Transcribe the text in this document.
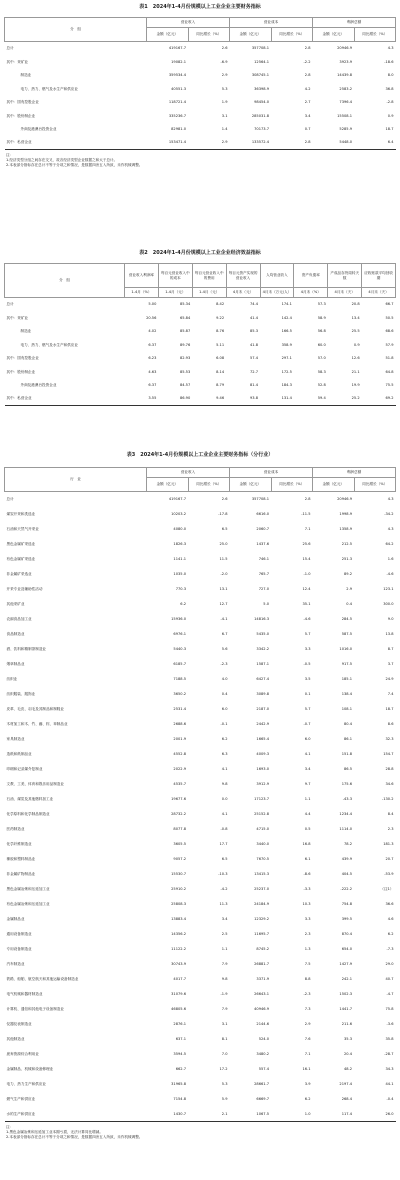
表1　2024年1-4月份规模以上工业企业主要财务指标
分　组	营业收入		营业成本		利润总额	
	金额（亿元）	同比增长（%）	金额（亿元）	同比增长（%）	金额（亿元）	同比增长（%）
总计	419167.7	2.6	357708.1	2.8	20946.9	4.3
其中：采矿业	19082.1	-6.9	12564.1	-2.2	3923.9	-18.6
制造业	359534.4	2.9	308745.1	2.8	14439.8	8.0
电力、热力、燃气及水生产和供应业	40551.3	5.3	36398.9	4.2	2583.2	36.8
其中：国有控股企业	118721.4	1.9	98454.0	2.7	7396.4	-2.8
其中：股份制企业	335236.7	3.1	285031.8	3.4	15508.1	0.9
外商及港澳台投资企业	82981.0	1.4	70173.7	0.7	5285.9	18.7
其中：私营企业	153471.4	2.9	133572.4	2.8	5448.0	6.4
注：
1.经济类型分组之间存在交叉，故各经济类型企业数据之和大于总计。
2.本表部分指标存在总计不等于分项之和情况，是数据四舍五入所致，未作机械调整。
表2　2024年1-4月份规模以上工业企业经济效益指标
分　组	营业收入利润率	每百元营业收入中的成本	每百元营业收入中的费用	每百元资产实现的营业收入	人均营业收入	资产负债率	产成品存货周转天数	应收账款平均回收期
	1-4月（%）	1-4月（元）	1-4月（元）	4月末（元）	4月末（万元/人）	4月末（%）	4月末（天）	4月末（天）
总计	5.00	85.34	8.42	74.4	174.1	57.3	20.8	66.7
其中：采矿业	20.56	65.84	9.22	41.4	142.4	58.9	13.4	50.5
制造业	4.02	85.87	8.76	85.3	166.5	56.8	25.5	68.6
电力、热力、燃气及水生产和供应业	6.37	89.76	5.11	41.8	358.9	60.0	0.9	57.9
其中：国有控股企业	6.23	82.93	6.08	57.4	297.1	57.0	12.6	51.8
其中：股份制企业	4.63	85.53	8.14	72.7	172.5	58.3	21.1	64.8
外商及港澳台投资企业	6.37	84.57	8.79	81.4	184.3	52.8	19.9	75.5
其中：私营企业	3.55	86.90	9.46	93.8	131.4	59.4	25.2	69.2
表3　2024年1-4月份规模以上工业企业主要财务指标（分行业）
行　业	营业收入		营业成本		利润总额	
	金额（亿元）	同比增长（%）	金额（亿元）	同比增长（%）	金额（亿元）	同比增长（%）
总计	419167.7	2.6	357708.1	2.8	20946.9	4.3
煤炭开采和洗选业	10203.2	-17.8	6616.0	-11.5	1998.9	-34.2
石油和天然气开采业	4080.0	6.5	2060.7	7.1	1358.9	4.3
黑色金属矿采选业	1826.3	25.0	1437.6	25.6	212.5	64.2
有色金属矿采选业	1141.1	11.5	746.1	15.4	251.3	1.6
非金属矿采选业	1035.0	-2.0	765.7	-1.0	89.2	-4.6
开采专业及辅助性活动	770.3	13.1	727.0	12.4	2.9	123.1
其他采矿业	6.2	12.7	5.0	35.1	0.4	300.0
农副食品加工业	15936.0	-4.1	14816.3	-4.6	284.5	9.0
食品制造业	6976.1	6.7	5435.0	5.7	587.5	13.8
酒、饮料和精制茶制造业	5440.3	5.6	3342.2	3.3	1016.0	8.7
烟草制品业	6185.7	-2.3	1587.1	-0.5	917.5	3.7
纺织业	7188.5	4.0	6427.4	3.5	185.1	24.9
纺织服装、服饰业	3650.2	0.4	3089.8	0.1	138.4	7.4
皮革、毛皮、羽毛及其制品和制鞋业	2531.4	6.0	2187.0	5.7	108.1	18.7
木材加工和木、竹、藤、棕、草制品业	2688.6	-0.1	2442.9	-0.7	80.4	8.6
家具制造业	2001.9	6.2	1665.4	6.0	86.1	32.3
造纸和纸制品业	4552.8	6.3	4009.3	4.1	151.8	154.7
印刷和记录媒介复制业	2022.9	4.1	1693.0	3.4	86.5	28.8
文教、工美、体育和娱乐用品制造业	4535.7	9.8	3912.9	9.7	175.6	34.6
石油、煤炭及其他燃料加工业	19677.6	0.0	17123.7	1.1	-43.3	-130.2
化学原料和化学制品制造业	28732.2	4.1	25152.8	4.4	1234.4	8.4
医药制造业	8077.8	-0.8	4715.0	0.5	1114.0	2.3
化学纤维制造业	3605.5	17.7	3440.0	16.8	78.2	181.3
橡胶和塑料制品业	9057.2	6.5	7670.5	6.1	439.9	20.7
非金属矿物制品业	15530.7	-10.3	13415.3	-8.6	404.5	-53.9
黑色金属冶炼和压延加工业	25910.2	-4.2	25237.0	-3.3	-222.2	（注1）
有色金属冶炼和压延加工业	25808.3	11.3	24184.9	10.3	754.8	36.6
金属制品业	13883.4	3.4	12329.2	3.3	399.5	4.6
通用设备制造业	14356.2	2.5	11695.7	2.3	870.4	6.2
专用设备制造业	11122.2	1.1	8745.2	1.3	654.0	-7.3
汽车制造业	30743.9	7.9	26881.7	7.5	1427.9	29.0
铁路、船舶、航空航天和其他运输设备制造业	4017.7	9.8	3371.9	8.8	242.1	40.7
电气机械和器材制造业	31079.6	-1.9	26643.1	-2.3	1502.3	-4.7
计算机、通信和其他电子设备制造业	46805.6	7.9	40946.9	7.3	1441.7	75.8
仪器仪表制造业	2876.1	3.1	2144.6	2.9	211.6	-3.6
其他制造业	637.1	8.1	524.0	7.6	35.3	35.8
废弃资源综合利用业	3594.5	7.0	3480.2	7.1	20.4	-28.7
金属制品、机械和设备修理业	662.7	17.2	557.4	16.1	48.2	34.3
电力、热力生产和供应业	31965.8	5.3	28661.7	3.9	2197.4	44.1
燃气生产和供应业	7154.8	5.9	6669.7	6.2	268.4	-0.4
水的生产和供应业	1430.7	2.1	1067.5	1.0	117.4	26.0
注：
1.黑色金属冶炼和压延加工业本期亏损，无法计算同比增减。
2.本表部分指标存在总计不等于分项之和情况，是数据四舍五入所致，未作机械调整。
